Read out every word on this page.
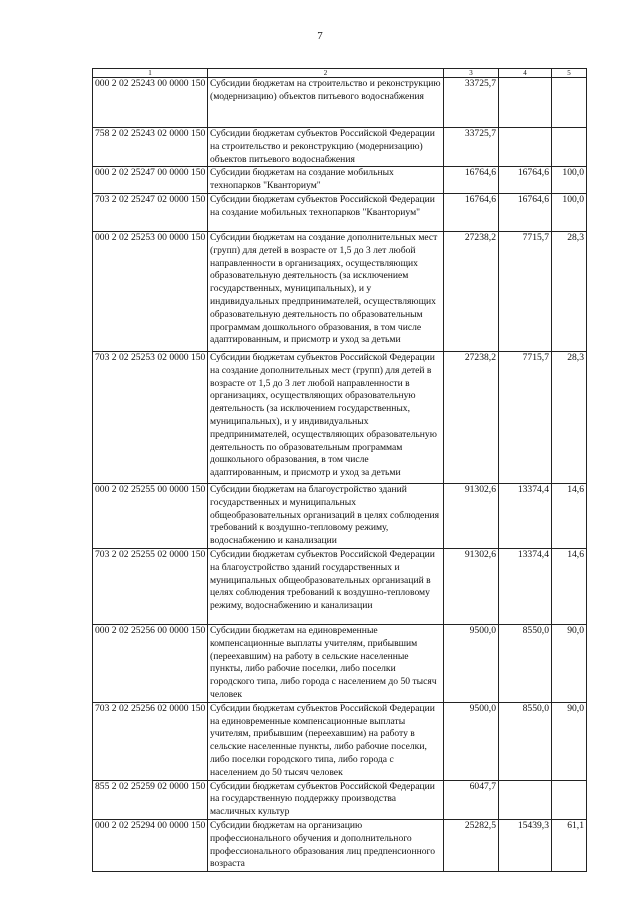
7
1	2	3	4	5
000 2 02 25243 00 0000 150	Субсидии бюджетам на строительство и реконструкцию (модернизацию) объектов питьевого водоснабжения	33725,7		
758 2 02 25243 02 0000 150	Субсидии бюджетам субъектов Российской Федерации на строительство и реконструкцию (модернизацию) объектов питьевого водоснабжения	33725,7		
000 2 02 25247 00 0000 150	Субсидии бюджетам на создание мобильных технопарков "Кванториум"	16764,6	16764,6	100,0
703 2 02 25247 02 0000 150	Субсидии бюджетам субъектов Российской Федерации на создание мобильных технопарков "Кванториум"	16764,6	16764,6	100,0
000 2 02 25253 00 0000 150	Субсидии бюджетам на создание дополнительных мест (групп) для детей в возрасте от 1,5 до 3 лет любой направленности в организациях, осуществляющих образовательную деятельность (за исключением государственных, муниципальных), и у индивидуальных предпринимателей, осуществляющих образовательную деятельность по образовательным программам дошкольного образования, в том числе адаптированным, и присмотр и уход за детьми	27238,2	7715,7	28,3
703 2 02 25253 02 0000 150	Субсидии бюджетам субъектов Российской Федерации на создание дополнительных мест (групп) для детей в возрасте от 1,5 до 3 лет любой направленности в организациях, осуществляющих образовательную деятельность (за исключением государственных, муниципальных), и у индивидуальных предпринимателей, осуществляющих образовательную деятельность по образовательным программам дошкольного образования, в том числе адаптированным, и присмотр и уход за детьми	27238,2	7715,7	28,3
000 2 02 25255 00 0000 150	Субсидии бюджетам на благоустройство зданий государственных и муниципальных общеобразовательных организаций в целях соблюдения требований к воздушно-тепловому режиму, водоснабжению и канализации	91302,6	13374,4	14,6
703 2 02 25255 02 0000 150	Субсидии бюджетам субъектов Российской Федерации на благоустройство зданий государственных и муниципальных общеобразовательных организаций в целях соблюдения требований к воздушно-тепловому режиму, водоснабжению и канализации	91302,6	13374,4	14,6
000 2 02 25256 00 0000 150	Субсидии бюджетам на единовременные компенсационные выплаты учителям, прибывшим (переехавшим) на работу в сельские населенные пункты, либо рабочие поселки, либо поселки городского типа, либо города с населением до 50 тысяч человек	9500,0	8550,0	90,0
703 2 02 25256 02 0000 150	Субсидии бюджетам субъектов Российской Федерации на единовременные компенсационные выплаты учителям, прибывшим (переехавшим) на работу в сельские населенные пункты, либо рабочие поселки, либо поселки городского типа, либо города с населением до 50 тысяч человек	9500,0	8550,0	90,0
855 2 02 25259 02 0000 150	Субсидии бюджетам субъектов Российской Федерации на государственную поддержку производства масличных культур	6047,7		
000 2 02 25294 00 0000 150	Субсидии бюджетам на организацию профессионального обучения и дополнительного профессионального образования лиц предпенсионного возраста	25282,5	15439,3	61,1
